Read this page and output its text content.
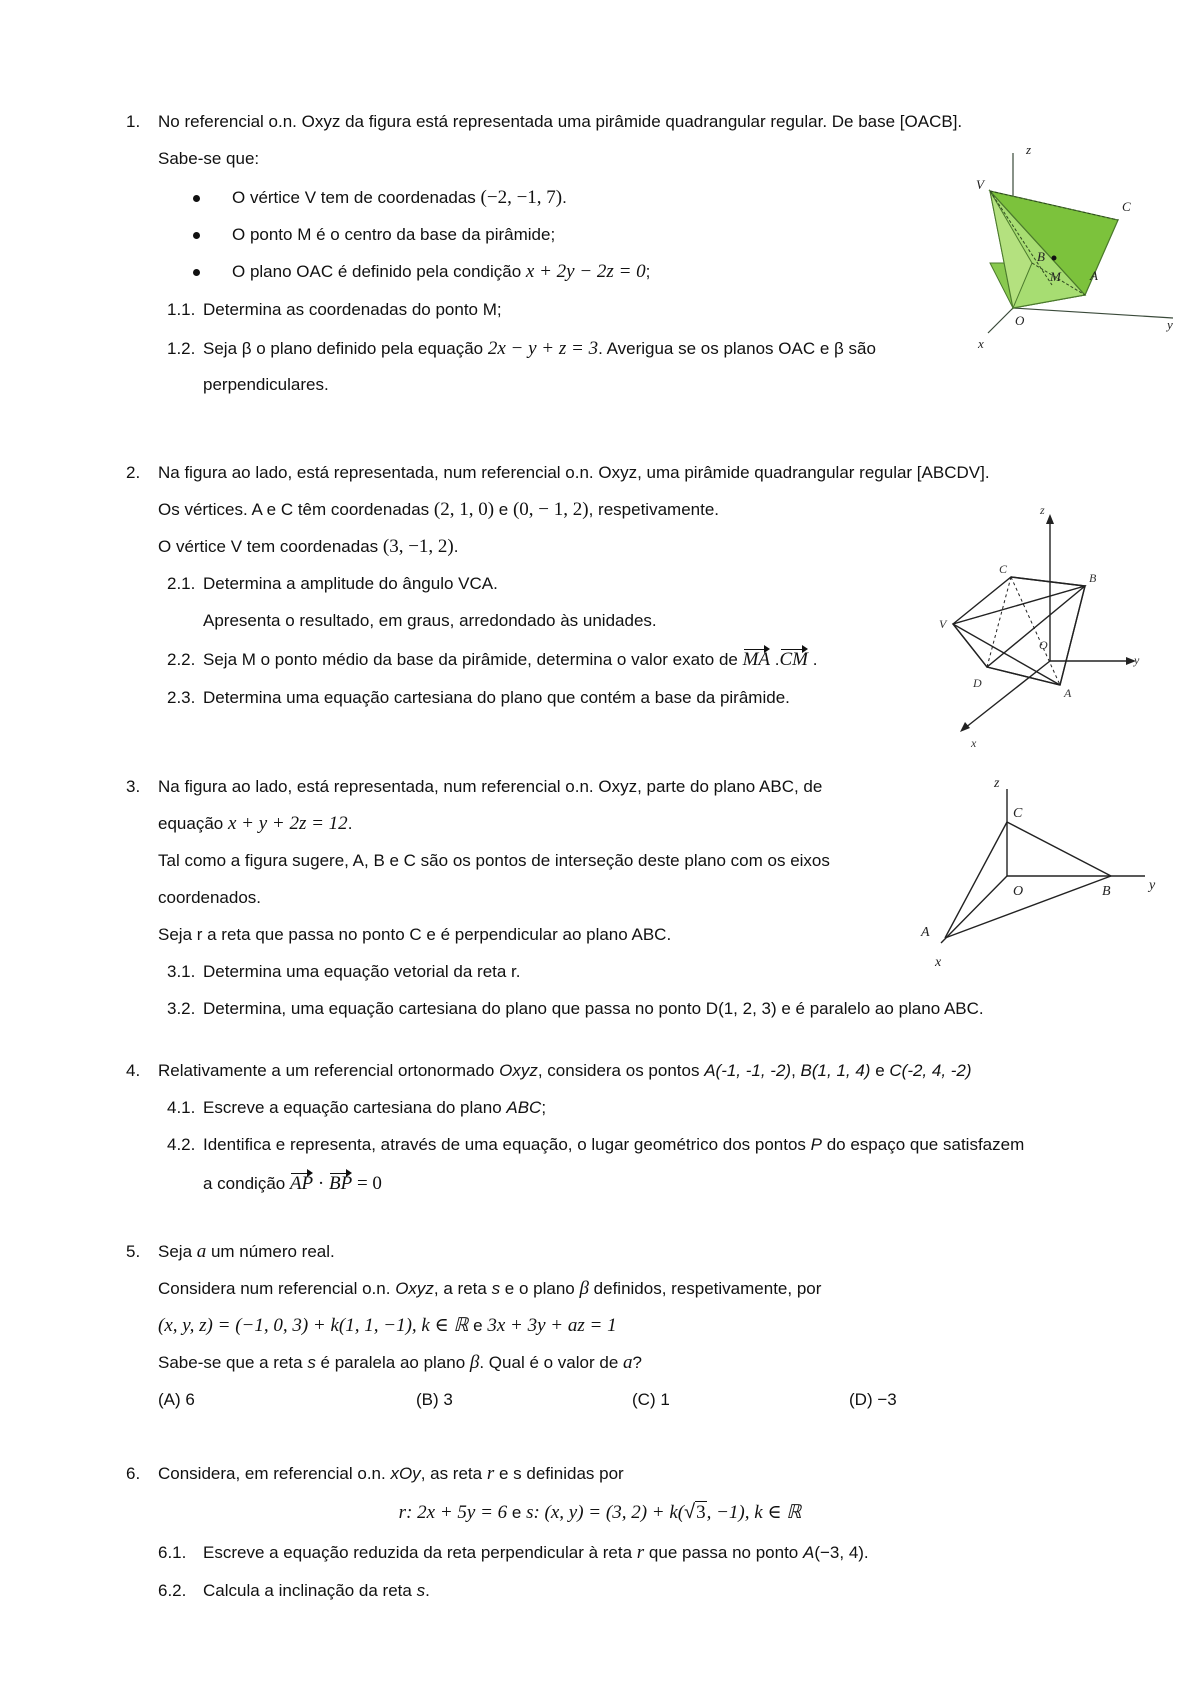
1. No referencial o.n. Oxyz da figura está representada uma pirâmide quadrangular regular. De base [OACB].
Sabe-se que:
O vértice V tem de coordenadas (−2, −1, 7).
O ponto M é o centro da base da pirâmide;
O plano OAC é definido pela condição x + 2y − 2z = 0;
1.1. Determina as coordenadas do ponto M;
1.2. Seja β o plano definido pela equação 2x − y + z = 3. Averigua se os planos OAC e β são
perpendiculares.
z
V
C
B
M A
O	y
x
2. Na figura ao lado, está representada, num referencial o.n. Oxyz, uma pirâmide quadrangular regular [ABCDV].
Os vértices. A e C têm coordenadas (2, 1, 0) e (0, − 1, 2), respetivamente.
O vértice V tem coordenadas (3, −1, 2).
2.1. Determina a amplitude do ângulo VCA.
Apresenta o resultado, em graus, arredondado às unidades.
2.2. Seja M o ponto médio da base da pirâmide, determina o valor exato de MA .CM .
2.3. Determina uma equação cartesiana do plano que contém a base da pirâmide.
z
C
B
V
O
y
D
A
x
3. Na figura ao lado, está representada, num referencial o.n. Oxyz, parte do plano ABC, de
equação x + y + 2z = 12.
Tal como a figura sugere, A, B e C são os pontos de interseção deste plano com os eixos
coordenados.
Seja r a reta que passa no ponto C e é perpendicular ao plano ABC.
3.1. Determina uma equação vetorial da reta r.
3.2. Determina, uma equação cartesiana do plano que passa no ponto D(1, 2, 3) e é paralelo ao plano ABC.
z
C
O	B	y
A
x
4. Relativamente a um referencial ortonormado Oxyz, considera os pontos A(-1, -1, -2), B(1, 1, 4) e C(-2, 4, -2)
4.1. Escreve a equação cartesiana do plano ABC;
4.2. Identifica e representa, através de uma equação, o lugar geométrico dos pontos P do espaço que satisfazem
a condição AP · BP = 0
5. Seja a um número real.
Considera num referencial o.n. Oxyz, a reta s e o plano β definidos, respetivamente, por
(x, y, z) = (−1, 0, 3) + k(1, 1, −1), k ∈ ℝ e 3x + 3y + az = 1
Sabe-se que a reta s é paralela ao plano β. Qual é o valor de a?
(A) 6	(B) 3	(C) 1	(D) −3
6. Considera, em referencial o.n. xOy, as reta r e s definidas por
r: 2x + 5y = 6 e s: (x, y) = (3, 2) + k(√3, −1), k ∈ ℝ
6.1. Escreve a equação reduzida da reta perpendicular à reta r que passa no ponto A(−3, 4).
6.2. Calcula a inclinação da reta s.
